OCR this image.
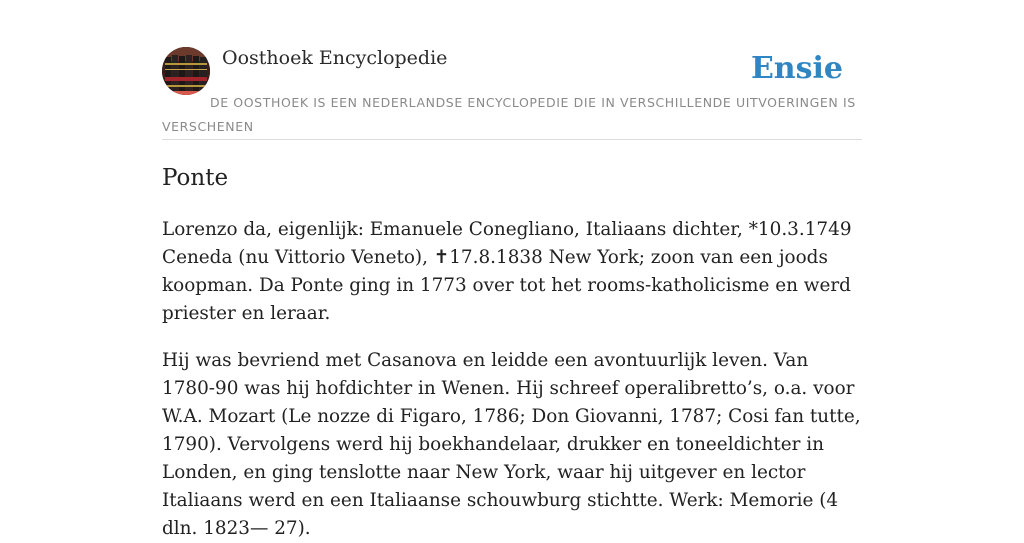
Oosthoek Encyclopedie	Ensie
DE OOSTHOEK IS EEN NEDERLANDSE ENCYCLOPEDIE DIE IN VERSCHILLENDE UITVOERINGEN IS VERSCHENEN
Ponte

Lorenzo da, eigenlijk: Emanuele Conegliano, Italiaans dichter, *10.3.1749 Ceneda (nu Vittorio Veneto), ✝17.8.1838 New York; zoon van een joods koopman. Da Ponte ging in 1773 over tot het rooms-katholicisme en werd priester en leraar.

Hij was bevriend met Casanova en leidde een avontuurlijk leven. Van 1780-90 was hij hofdichter in Wenen. Hij schreef operalibretto’s, o.a. voor W.A. Mozart (Le nozze di Figaro, 1786; Don Giovanni, 1787; Cosi fan tutte, 1790). Vervolgens werd hij boekhandelaar, drukker en toneeldichter in Londen, en ging tenslotte naar New York, waar hij uitgever en lector Italiaans werd en een Italiaanse schouwburg stichtte. Werk: Memorie (4 dln. 1823— 27).
